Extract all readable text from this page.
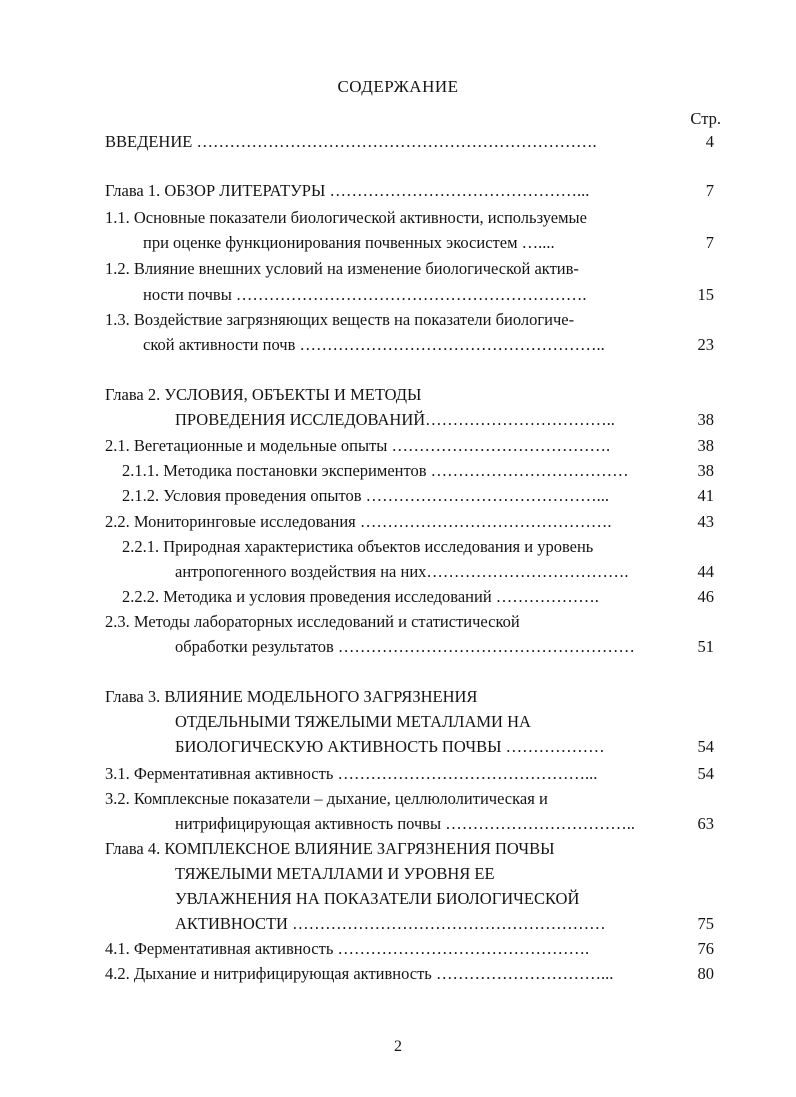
СОДЕРЖАНИЕ
Стр.
ВВЕДЕНИЕ ……………………………………………………………….	4
Глава 1. ОБЗОР ЛИТЕРАТУРЫ ………………………………………...	7
1.1. Основные показатели биологической активности, используемые
при оценке функционирования почвенных экосистем …....	7
1.2. Влияние внешних условий на изменение биологической актив-
ности почвы ……………………………………………………….	15
1.3. Воздействие загрязняющих веществ на показатели биологиче-
ской активности почв ………………………………………………..	23
Глава 2. УСЛОВИЯ, ОБЪЕКТЫ И МЕТОДЫ
ПРОВЕДЕНИЯ ИССЛЕДОВАНИЙ……………………………..	38
2.1. Вегетационные и модельные опыты ………………………………….	38
2.1.1. Методика постановки экспериментов ………………………………	38
2.1.2. Условия проведения опытов ……………………………………...	41
2.2. Мониторинговые исследования ……………………………………….	43
2.2.1. Природная характеристика объектов исследования и уровень
антропогенного воздействия на них……………………………….	44
2.2.2. Методика и условия проведения исследований ……………….	46
2.3. Методы лабораторных исследований и статистической
обработки результатов ………………………………………………	51
Глава 3. ВЛИЯНИЕ МОДЕЛЬНОГО ЗАГРЯЗНЕНИЯ
ОТДЕЛЬНЫМИ ТЯЖЕЛЫМИ МЕТАЛЛАМИ НА
БИОЛОГИЧЕСКУЮ АКТИВНОСТЬ ПОЧВЫ ………………	54
3.1. Ферментативная активность ………………………………………...	54
3.2. Комплексные показатели – дыхание, целлюлолитическая и
нитрифицирующая активность почвы ……………………………..	63
Глава 4. КОМПЛЕКСНОЕ ВЛИЯНИЕ ЗАГРЯЗНЕНИЯ ПОЧВЫ
ТЯЖЕЛЫМИ МЕТАЛЛАМИ И УРОВНЯ ЕЕ
УВЛАЖНЕНИЯ НА ПОКАЗАТЕЛИ БИОЛОГИЧЕСКОЙ
АКТИВНОСТИ …………………………………………………	75
4.1. Ферментативная активность ……………………………………….	76
4.2. Дыхание и нитрифицирующая активность …………………………...	80
2
